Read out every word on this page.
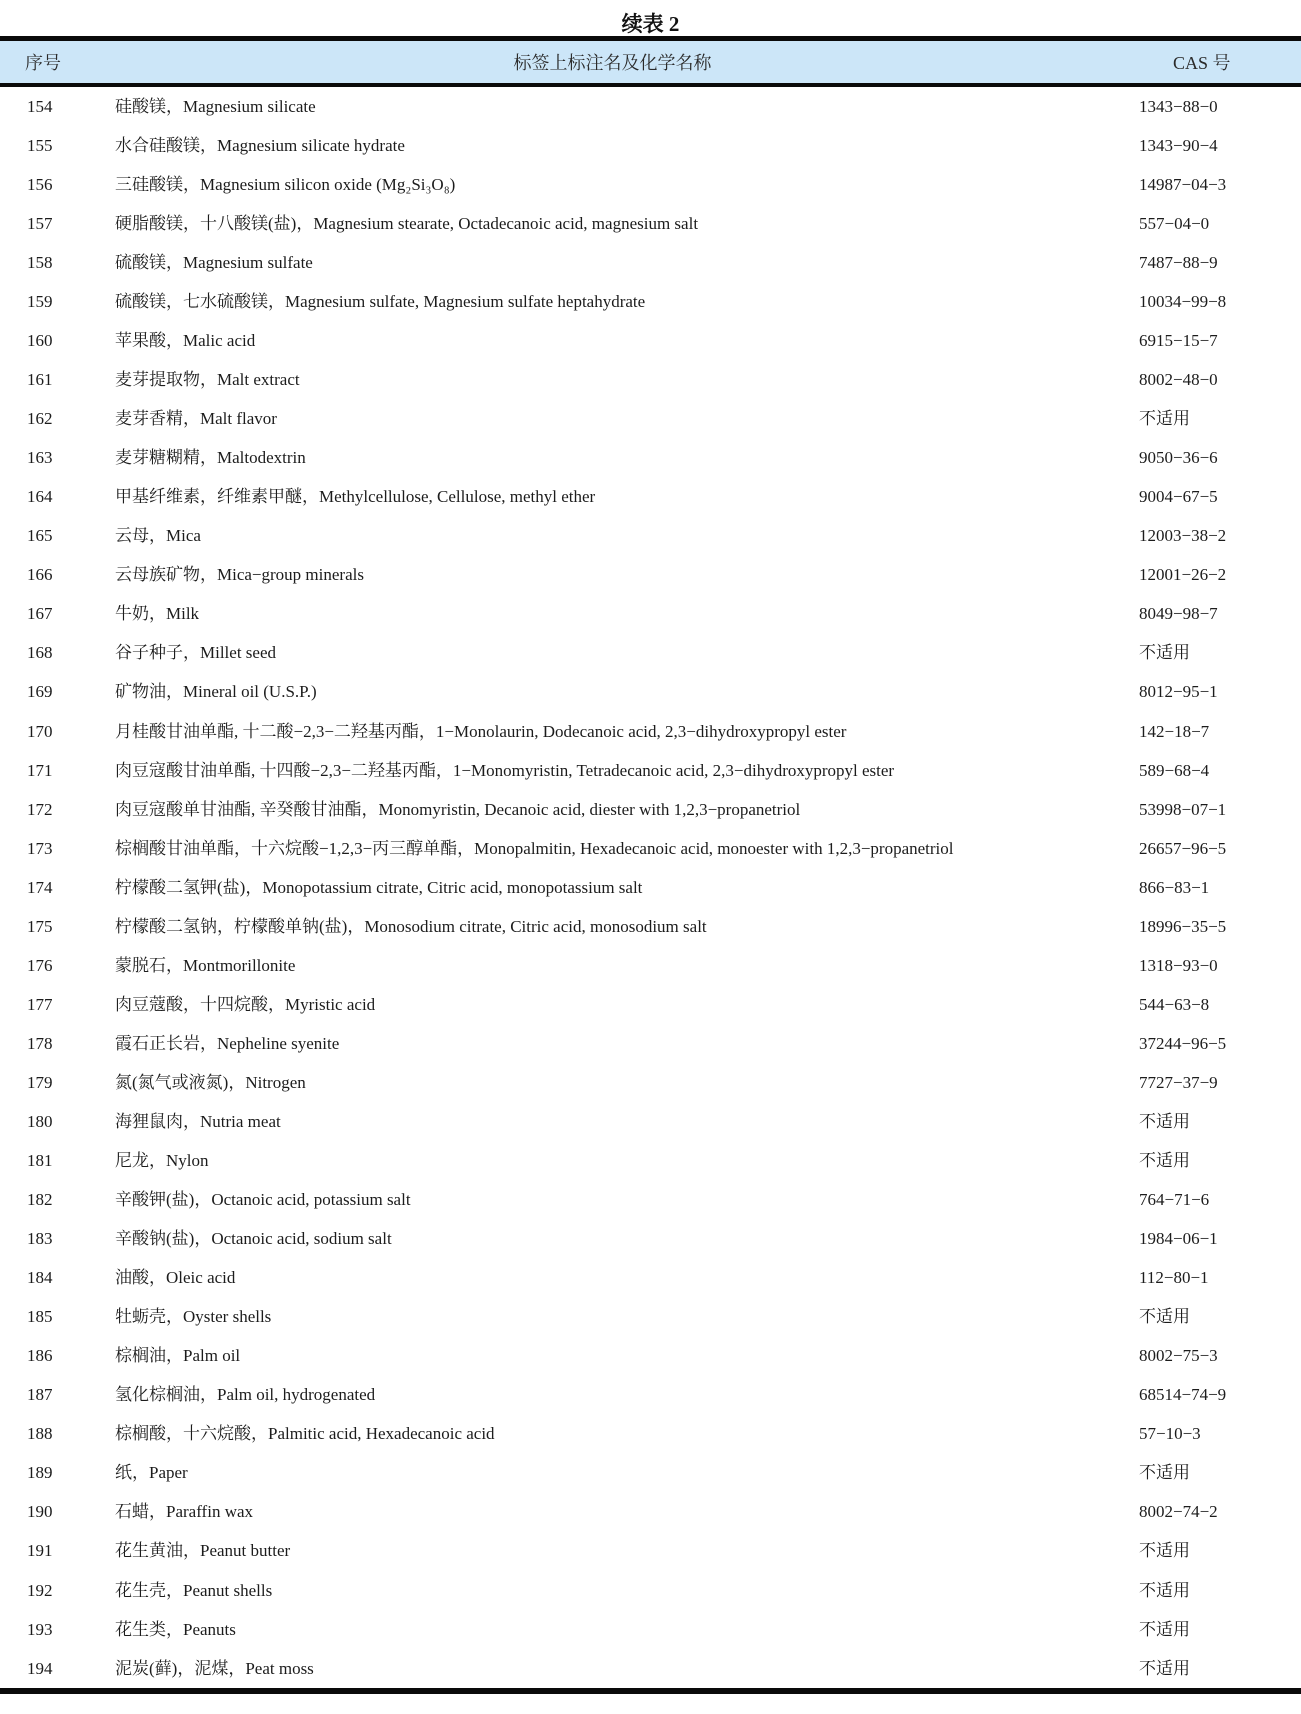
续表 2
序号	标签上标注名及化学名称	CAS 号
154	硅酸镁，Magnesium silicate	1343−88−0
155	水合硅酸镁，Magnesium silicate hydrate	1343−90−4
156	三硅酸镁，Magnesium silicon oxide (Mg₂Si₃O₈)	14987−04−3
157	硬脂酸镁，十八酸镁(盐)，Magnesium stearate, Octadecanoic acid, magnesium salt	557−04−0
158	硫酸镁，Magnesium sulfate	7487−88−9
159	硫酸镁，七水硫酸镁，Magnesium sulfate, Magnesium sulfate heptahydrate	10034−99−8
160	苹果酸，Malic acid	6915−15−7
161	麦芽提取物，Malt extract	8002−48−0
162	麦芽香精，Malt flavor	不适用
163	麦芽糖糊精，Maltodextrin	9050−36−6
164	甲基纤维素，纤维素甲醚，Methylcellulose, Cellulose, methyl ether	9004−67−5
165	云母，Mica	12003−38−2
166	云母族矿物，Mica−group minerals	12001−26−2
167	牛奶，Milk	8049−98−7
168	谷子种子，Millet seed	不适用
169	矿物油，Mineral oil (U.S.P.)	8012−95−1
170	月桂酸甘油单酯, 十二酸−2,3−二羟基丙酯，1−Monolaurin, Dodecanoic acid, 2,3−dihydroxypropyl ester	142−18−7
171	肉豆寇酸甘油单酯, 十四酸−2,3−二羟基丙酯，1−Monomyristin, Tetradecanoic acid, 2,3−dihydroxypropyl ester	589−68−4
172	肉豆寇酸单甘油酯, 辛癸酸甘油酯，Monomyristin, Decanoic acid, diester with 1,2,3−propanetriol	53998−07−1
173	棕榈酸甘油单酯，十六烷酸−1,2,3−丙三醇单酯，Monopalmitin, Hexadecanoic acid, monoester with 1,2,3−propanetriol	26657−96−5
174	柠檬酸二氢钾(盐)，Monopotassium citrate, Citric acid, monopotassium salt	866−83−1
175	柠檬酸二氢钠，柠檬酸单钠(盐)，Monosodium citrate, Citric acid, monosodium salt	18996−35−5
176	蒙脱石，Montmorillonite	1318−93−0
177	肉豆蔻酸，十四烷酸，Myristic acid	544−63−8
178	霞石正长岩，Nepheline syenite	37244−96−5
179	氮(氮气或液氮)，Nitrogen	7727−37−9
180	海狸鼠肉，Nutria meat	不适用
181	尼龙，Nylon	不适用
182	辛酸钾(盐)，Octanoic acid, potassium salt	764−71−6
183	辛酸钠(盐)，Octanoic acid, sodium salt	1984−06−1
184	油酸，Oleic acid	112−80−1
185	牡蛎壳，Oyster shells	不适用
186	棕榈油，Palm oil	8002−75−3
187	氢化棕榈油，Palm oil, hydrogenated	68514−74−9
188	棕榈酸，十六烷酸，Palmitic acid, Hexadecanoic acid	57−10−3
189	纸，Paper	不适用
190	石蜡，Paraffin wax	8002−74−2
191	花生黄油，Peanut butter	不适用
192	花生壳，Peanut shells	不适用
193	花生类，Peanuts	不适用
194	泥炭(藓)，泥煤，Peat moss	不适用
